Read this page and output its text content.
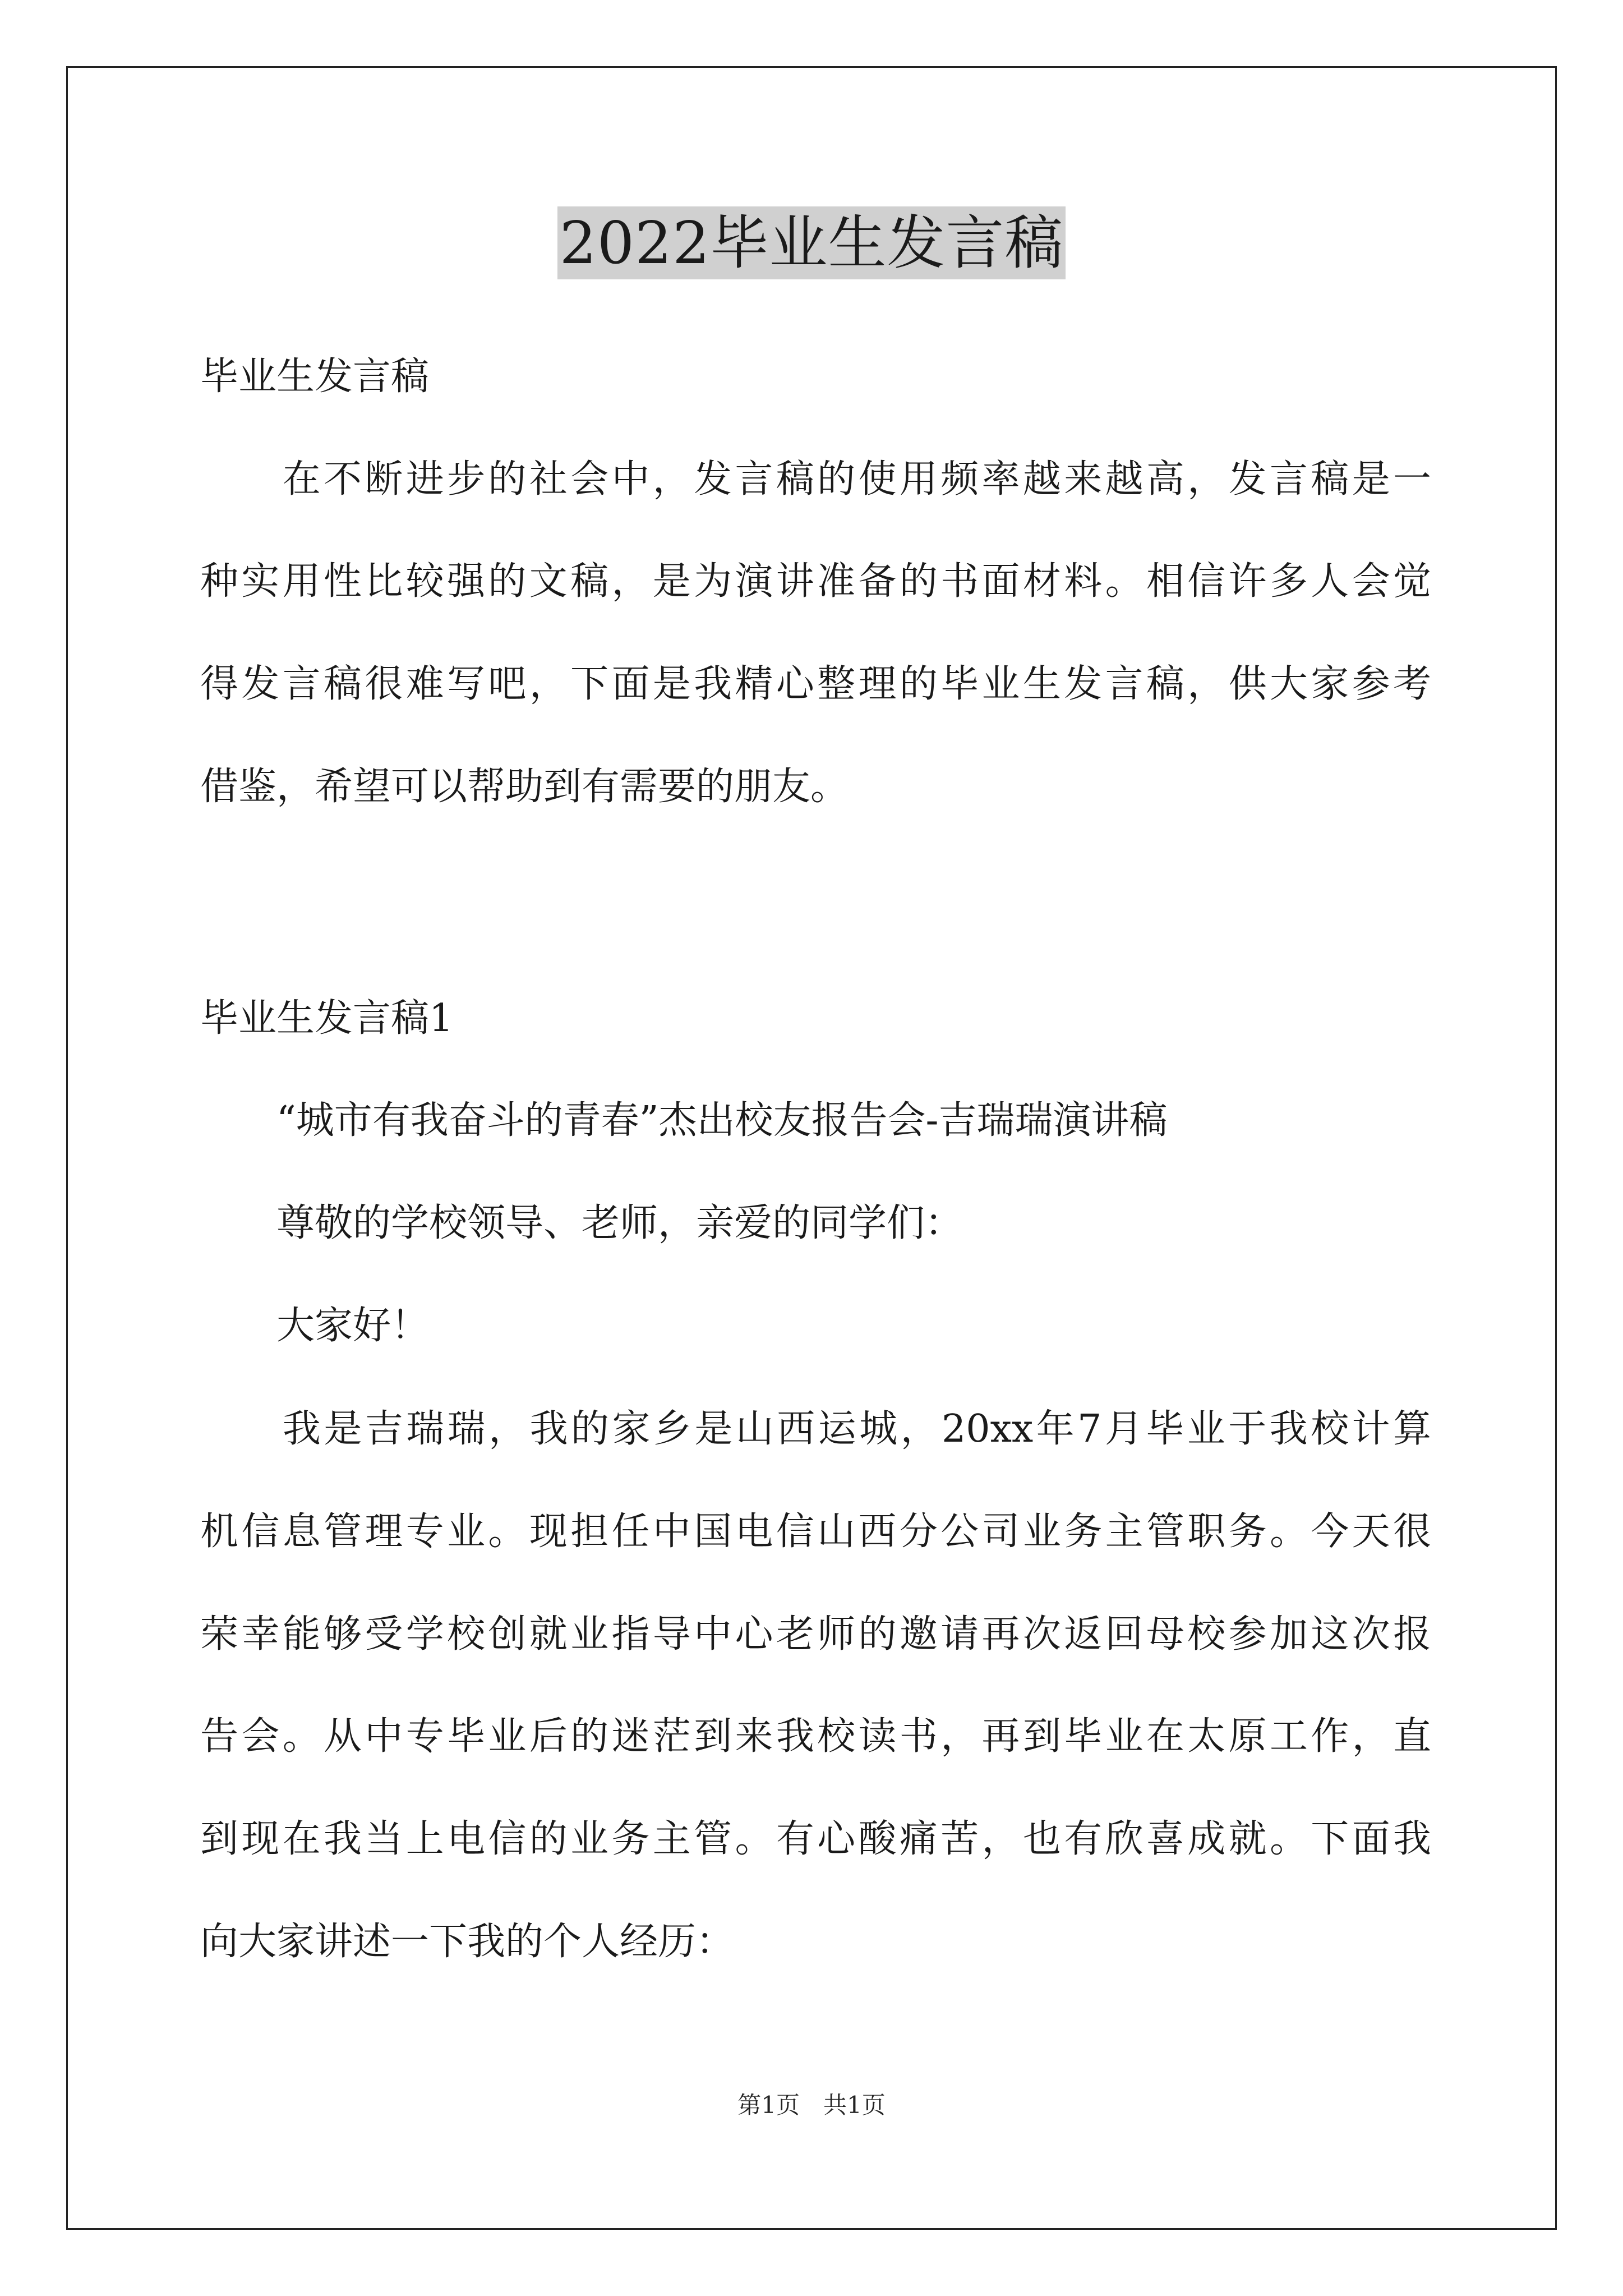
2022毕业生发言稿
毕业生发言稿
　　在不断进步的社会中，发言稿的使用频率越来越高，发言稿是一
种实用性比较强的文稿，是为演讲准备的书面材料。相信许多人会觉
得发言稿很难写吧，下面是我精心整理的毕业生发言稿，供大家参考
借鉴，希望可以帮助到有需要的朋友。
毕业生发言稿1
　　“城市有我奋斗的青春”杰出校友报告会-吉瑞瑞演讲稿
　　尊敬的学校领导、老师，亲爱的同学们：
　　大家好！
　　我是吉瑞瑞，我的家乡是山西运城，20xx年7月毕业于我校计算
机信息管理专业。现担任中国电信山西分公司业务主管职务。今天很
荣幸能够受学校创就业指导中心老师的邀请再次返回母校参加这次报
告会。从中专毕业后的迷茫到来我校读书，再到毕业在太原工作，直
到现在我当上电信的业务主管。有心酸痛苦，也有欣喜成就。下面我
向大家讲述一下我的个人经历：
第1页　共1页
